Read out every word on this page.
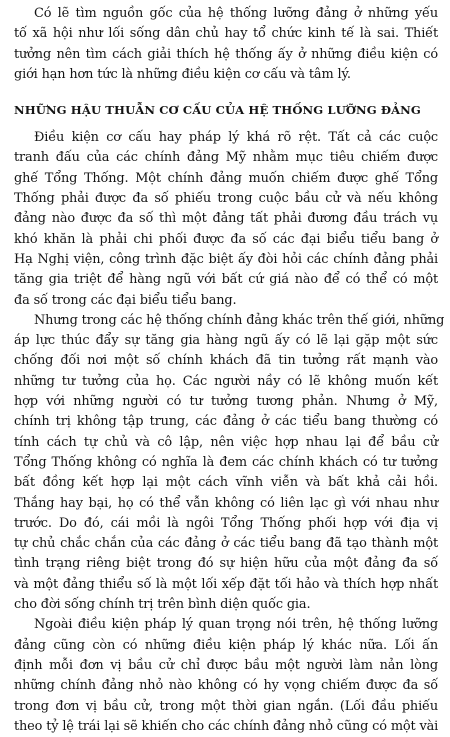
Có lẽ tìm nguồn gốc của hệ thống lưỡng đảng ở những yếu
tố xã hội như lối sống dân chủ hay tổ chức kinh tế là sai. Thiết
tưởng nên tìm cách giải thích hệ thống ấy ở những điều kiện có
giới hạn hơn tức là những điều kiện cơ cấu và tâm lý.

NHỮNG HẬU THUẪN CƠ CẤU CỦA HỆ THỐNG LƯỠNG ĐẢNG

Điều kiện cơ cấu hay pháp lý khá rõ rệt. Tất cả các cuộc
tranh đấu của các chính đảng Mỹ nhằm mục tiêu chiếm được
ghế Tổng Thống. Một chính đảng muốn chiếm được ghế Tổng
Thống phải được đa số phiếu trong cuộc bầu cử và nếu không
đảng nào được đa số thì một đảng tất phải đương đầu trách vụ
khó khăn là phải chi phối được đa số các đại biểu tiểu bang ở
Hạ Nghị viện, công trình đặc biệt ấy đòi hỏi các chính đảng phải
tăng gia triệt để hàng ngũ với bất cứ giá nào để có thể có một
đa số trong các đại biểu tiểu bang.

Nhưng trong các hệ thống chính đảng khác trên thế giới, những
áp lực thúc đẩy sự tăng gia hàng ngũ ấy có lẽ lại gặp một sức
chống đối nơi một số chính khách đã tin tưởng rất mạnh vào
những tư tưởng của họ. Các người nầy có lẽ không muốn kết
hợp với những người có tư tưởng tương phản. Nhưng ở Mỹ,
chính trị không tập trung, các đảng ở các tiểu bang thường có
tính cách tự chủ và cô lập, nên việc hợp nhau lại để bầu cử
Tổng Thống không có nghĩa là đem các chính khách có tư tưởng
bất đồng kết hợp lại một cách vĩnh viễn và bất khả cải hồi.
Thắng hay bại, họ có thể vẫn không có liên lạc gì với nhau như
trước. Do đó, cái mồi là ngôi Tổng Thống phối hợp với địa vị
tự chủ chắc chắn của các đảng ở các tiểu bang đã tạo thành một
tình trạng riêng biệt trong đó sự hiện hữu của một đảng đa số
và một đảng thiểu số là một lối xếp đặt tối hảo và thích hợp nhất
cho đời sống chính trị trên bình diện quốc gia.

Ngoài điều kiện pháp lý quan trọng nói trên, hệ thống lưỡng
đảng cũng còn có những điều kiện pháp lý khác nữa. Lối ấn
định mỗi đơn vị bầu cử chỉ được bầu một người làm nản lòng
những chính đảng nhỏ nào không có hy vọng chiếm được đa số
trong đơn vị bầu cử, trong một thời gian ngắn. (Lối đầu phiếu
theo tỷ lệ trái lại sẽ khiến cho các chính đảng nhỏ cũng có một vài
